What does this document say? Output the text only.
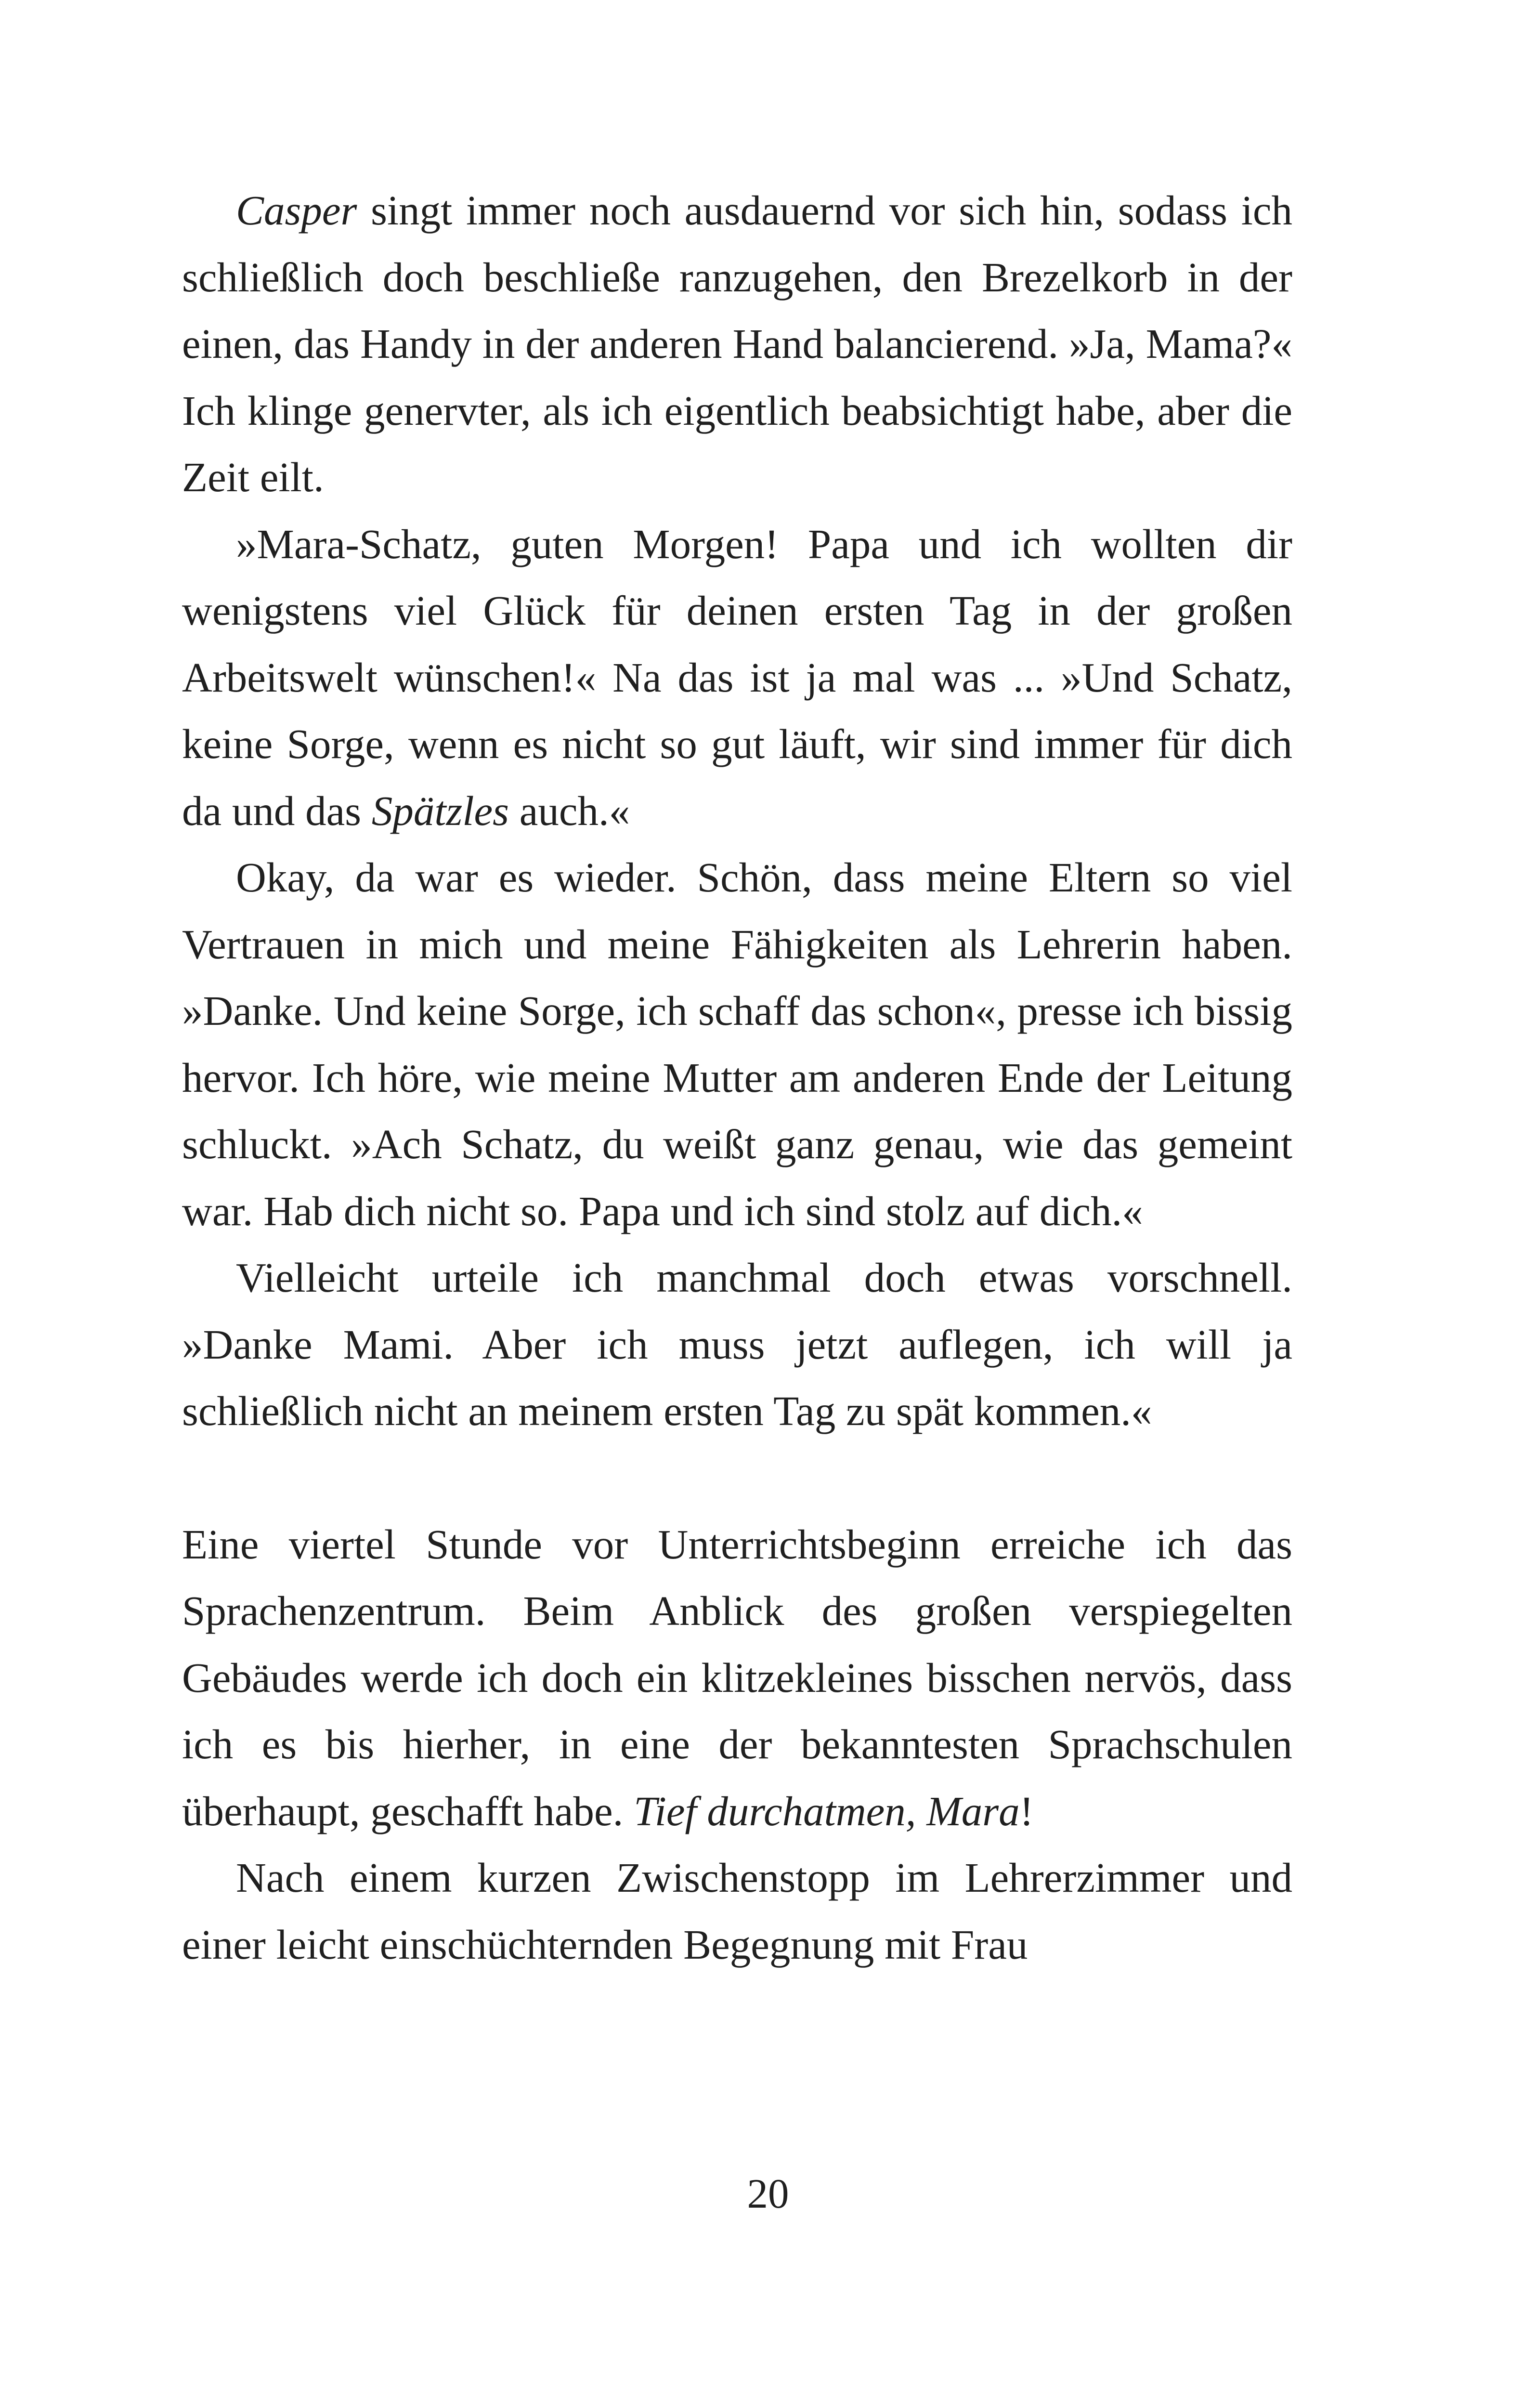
Casper singt immer noch ausdauernd vor sich hin, sodass ich schließlich doch beschließe ranzugehen, den Brezelkorb in der einen, das Handy in der anderen Hand balancierend. »Ja, Mama?« Ich klinge genervter, als ich eigentlich beabsichtigt habe, aber die Zeit eilt.

»Mara-Schatz, guten Morgen! Papa und ich wollten dir wenigstens viel Glück für deinen ersten Tag in der großen Arbeitswelt wünschen!« Na das ist ja mal was ... »Und Schatz, keine Sorge, wenn es nicht so gut läuft, wir sind immer für dich da und das Spätzles auch.«

Okay, da war es wieder. Schön, dass meine Eltern so viel Vertrauen in mich und meine Fähigkeiten als Lehrerin haben. »Danke. Und keine Sorge, ich schaff das schon«, presse ich bissig hervor. Ich höre, wie meine Mutter am anderen Ende der Leitung schluckt. »Ach Schatz, du weißt ganz genau, wie das gemeint war. Hab dich nicht so. Papa und ich sind stolz auf dich.«

Vielleicht urteile ich manchmal doch etwas vorschnell. »Danke Mami. Aber ich muss jetzt auflegen, ich will ja schließlich nicht an meinem ersten Tag zu spät kommen.«

Eine viertel Stunde vor Unterrichtsbeginn erreiche ich das Sprachenzentrum. Beim Anblick des großen verspiegelten Gebäudes werde ich doch ein klitzekleines bisschen nervös, dass ich es bis hierher, in eine der bekanntesten Sprachschulen überhaupt, geschafft habe. Tief durchatmen, Mara!

Nach einem kurzen Zwischenstopp im Lehrerzimmer und einer leicht einschüchternden Begegnung mit Frau

20
